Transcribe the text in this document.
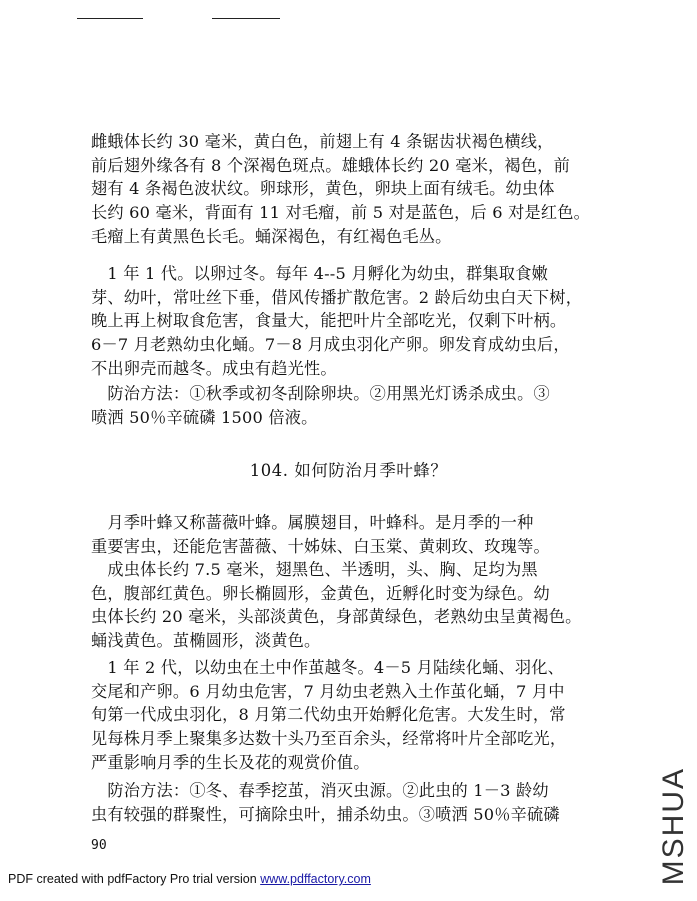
雌蛾体长约 30 毫米，黄白色，前翅上有 4 条锯齿状褐色横线，
前后翅外缘各有 8 个深褐色斑点。雄蛾体长约 20 毫米，褐色，前
翅有 4 条褐色波状纹。卵球形，黄色，卵块上面有绒毛。幼虫体
长约 60 毫米，背面有 11 对毛瘤，前 5 对是蓝色，后 6 对是红色。
毛瘤上有黄黑色长毛。蛹深褐色，有红褐色毛丛。
　1 年 1 代。以卵过冬。每年 4--5 月孵化为幼虫，群集取食嫩
芽、幼叶，常吐丝下垂，借风传播扩散危害。2 龄后幼虫白天下树，
晚上再上树取食危害，食量大，能把叶片全部吃光，仅剩下叶柄。
6－7 月老熟幼虫化蛹。7－8 月成虫羽化产卵。卵发育成幼虫后，
不出卵壳而越冬。成虫有趋光性。
　防治方法：①秋季或初冬刮除卵块。②用黑光灯诱杀成虫。③
喷洒 50％辛硫磷 1500 倍液。
104. 如何防治月季叶蜂？
　月季叶蜂又称蔷薇叶蜂。属膜翅目，叶蜂科。是月季的一种
重要害虫，还能危害蔷薇、十姊妹、白玉棠、黄刺玫、玫瑰等。
　成虫体长约 7.5 毫米，翅黑色、半透明，头、胸、足均为黑
色，腹部红黄色。卵长椭圆形，金黄色，近孵化时变为绿色。幼
虫体长约 20 毫米，头部淡黄色，身部黄绿色，老熟幼虫呈黄褐色。
蛹浅黄色。茧椭圆形，淡黄色。
　1 年 2 代，以幼虫在土中作茧越冬。4－5 月陆续化蛹、羽化、
交尾和产卵。6 月幼虫危害，7 月幼虫老熟入土作茧化蛹，7 月中
旬第一代成虫羽化，8 月第二代幼虫开始孵化危害。大发生时，常
见每株月季上聚集多达数十头乃至百余头，经常将叶片全部吃光，
严重影响月季的生长及花的观赏价值。
　防治方法：①冬、春季挖茧，消灭虫源。②此虫的 1－3 龄幼
虫有较强的群聚性，可摘除虫叶，捕杀幼虫。③喷洒 50％辛硫磷
90
PDF created with pdfFactory Pro trial version www.pdffactory.com	MSHUA
